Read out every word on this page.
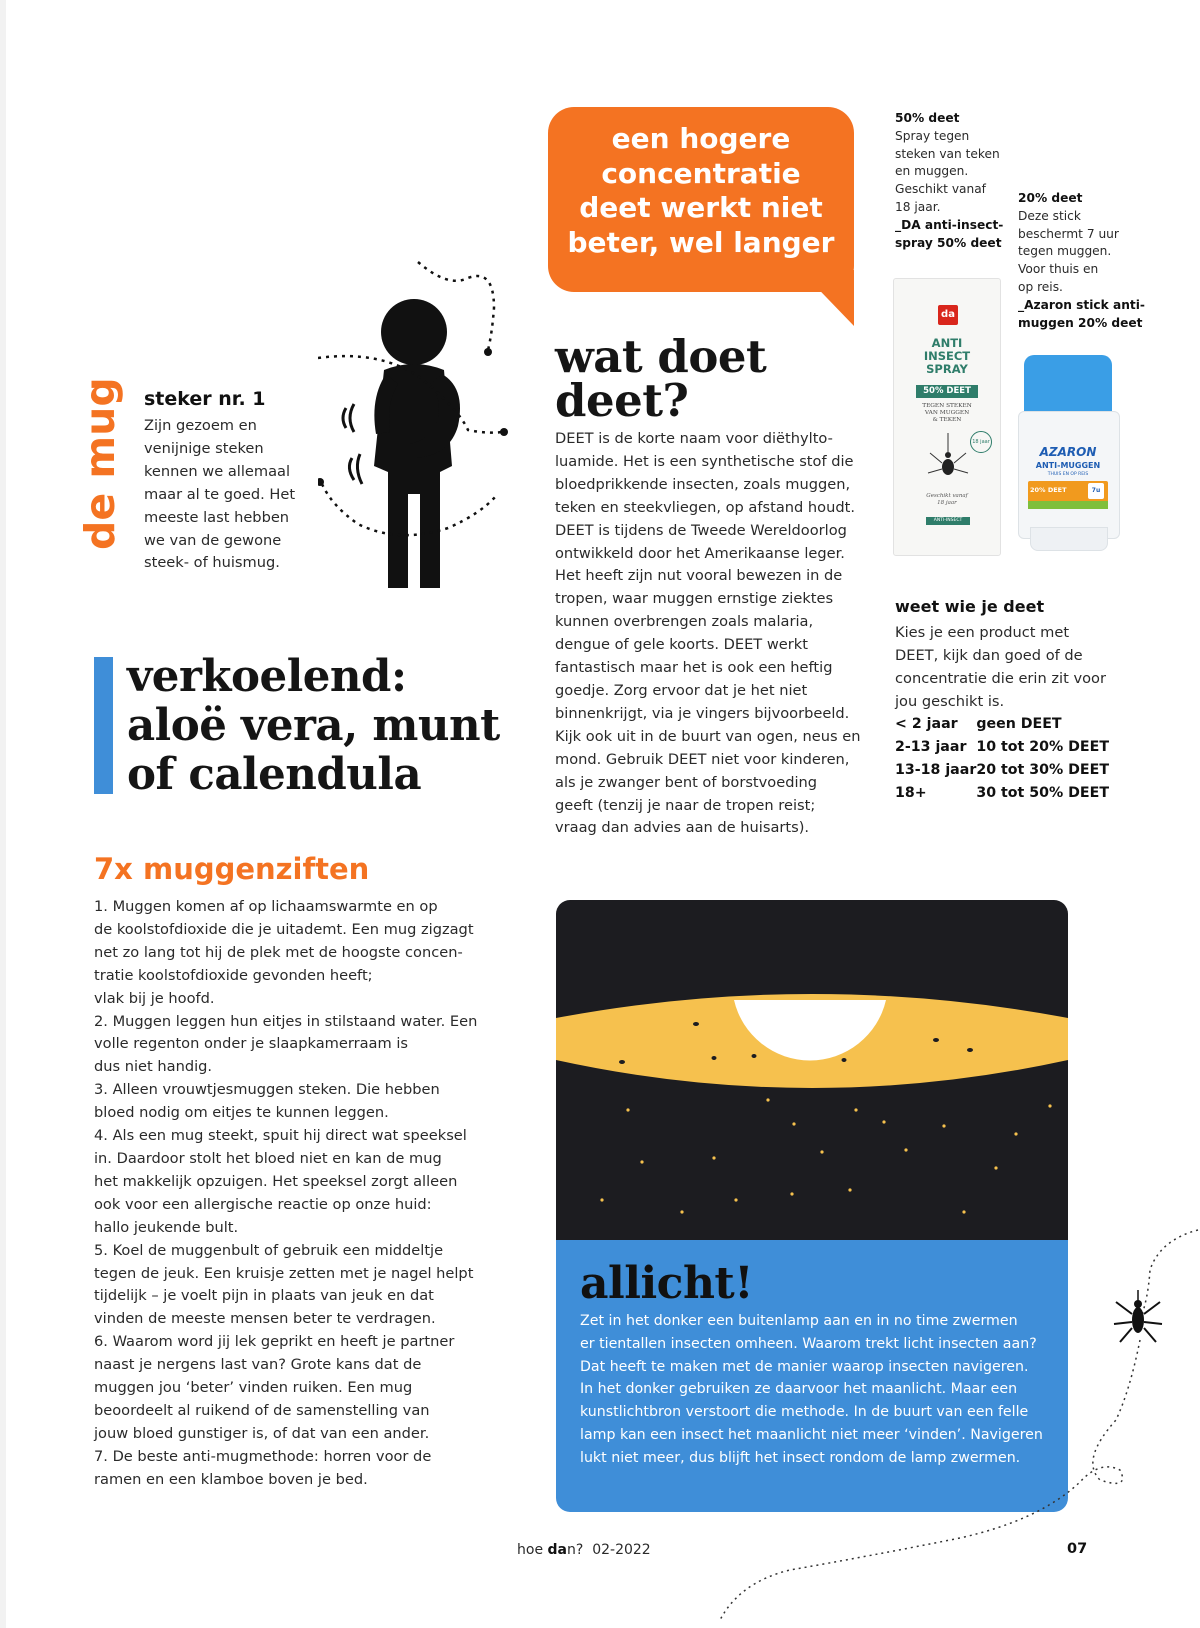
een hogere
concentratie
deet werkt niet
beter, wel langer
de mug steker nr. 1
Zijn gezoem en
venijnige steken
kennen we allemaal
maar al te goed. Het
meeste last hebben
we van de gewone
steek- of huismug.
verkoelend:
aloë vera, munt
of calendula
7x muggenziften
1. Muggen komen af op lichaamswarmte en op
de koolstofdioxide die je uitademt. Een mug zigzagt
net zo lang tot hij de plek met de hoogste concen-
tratie koolstofdioxide gevonden heeft;
vlak bij je hoofd.
2. Muggen leggen hun eitjes in stilstaand water. Een
volle regenton onder je slaapkamerraam is
dus niet handig.
3. Alleen vrouwtjesmuggen steken. Die hebben
bloed nodig om eitjes te kunnen leggen.
4. Als een mug steekt, spuit hij direct wat speeksel
in. Daardoor stolt het bloed niet en kan de mug
het makkelijk opzuigen. Het speeksel zorgt alleen
ook voor een allergische reactie op onze huid:
hallo jeukende bult.
5. Koel de muggenbult of gebruik een middeltje
tegen de jeuk. Een kruisje zetten met je nagel helpt
tijdelijk – je voelt pijn in plaats van jeuk en dat
vinden de meeste mensen beter te verdragen.
6. Waarom word jij lek geprikt en heeft je partner
naast je nergens last van? Grote kans dat de
muggen jou ‘beter’ vinden ruiken. Een mug
beoordeelt al ruikend of de samenstelling van
jouw bloed gunstiger is, of dat van een ander.
7. De beste anti-mugmethode: horren voor de
ramen en een klamboe boven je bed.
wat doet
deet?
DEET is de korte naam voor diëthylto-
luamide. Het is een synthetische stof die
bloedprikkende insecten, zoals muggen,
teken en steekvliegen, op afstand houdt.
DEET is tijdens de Tweede Wereldoorlog
ontwikkeld door het Amerikaanse leger.
Het heeft zijn nut vooral bewezen in de
tropen, waar muggen ernstige ziektes
kunnen overbrengen zoals malaria,
dengue of gele koorts. DEET werkt
fantastisch maar het is ook een heftig
goedje. Zorg ervoor dat je het niet
binnenkrijgt, via je vingers bijvoorbeeld.
Kijk ook uit in de buurt van ogen, neus en
mond. Gebruik DEET niet voor kinderen,
als je zwanger bent of borstvoeding
geeft (tenzij je naar de tropen reist;
vraag dan advies aan de huisarts).
50% deet
Spray tegen
steken van teken
en muggen.
Geschikt vanaf
18 jaar.
_DA anti-insect-
spray 50% deet
da
ANTI
INSECT
SPRAY
50% DEET
TEGEN STEKEN
VAN MUGGEN
& TEKEN
18 jaar
Geschikt vanaf
18 jaar
ANTI-INSECT
20% deet
Deze stick
beschermt 7 uur
tegen muggen.
Voor thuis en
op reis.
_Azaron stick anti-
muggen 20% deet
AZARON
ANTI-MUGGEN
THUIS EN OP REIS
20% DEET	7u
weet wie je deet
Kies je een product met
DEET, kijk dan goed of de
concentratie die erin zit voor
jou geschikt is.
< 2 jaar	geen DEET
2-13 jaar	10 tot 20% DEET
13-18 jaar	20 tot 30% DEET
18+	30 tot 50% DEET
allicht!
Zet in het donker een buitenlamp aan en in no time zwermen
er tientallen insecten omheen. Waarom trekt licht insecten aan?
Dat heeft te maken met de manier waarop insecten navigeren.
In het donker gebruiken ze daarvoor het maanlicht. Maar een
kunstlichtbron verstoort die methode. In de buurt van een felle
lamp kan een insect het maanlicht niet meer ‘vinden’. Navigeren
lukt niet meer, dus blijft het insect rondom de lamp zwermen.
hoe dan? 02-2022	07
